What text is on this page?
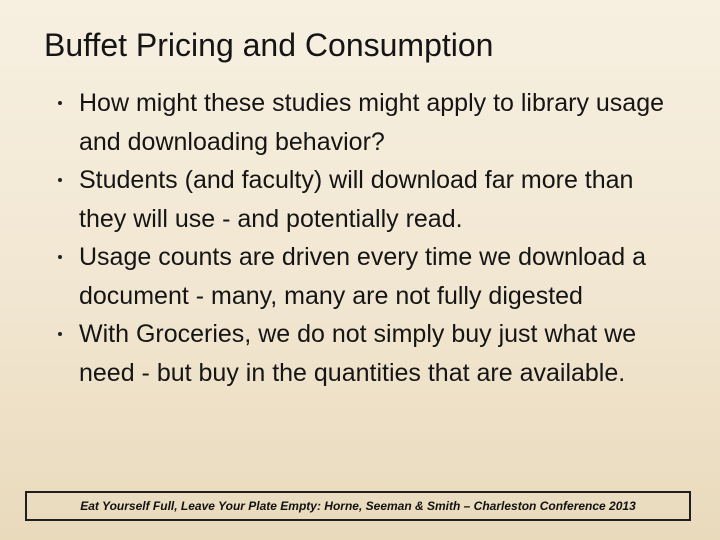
Buffet Pricing and Consumption
How might these studies might apply to library usage and downloading behavior?
Students (and faculty) will download far more than they will use - and potentially read.
Usage counts are driven every time we download a document - many, many are not fully digested
With Groceries, we do not simply buy just what we need - but buy in the quantities that are available.
Eat Yourself Full, Leave Your Plate Empty: Horne, Seeman & Smith – Charleston Conference 2013
